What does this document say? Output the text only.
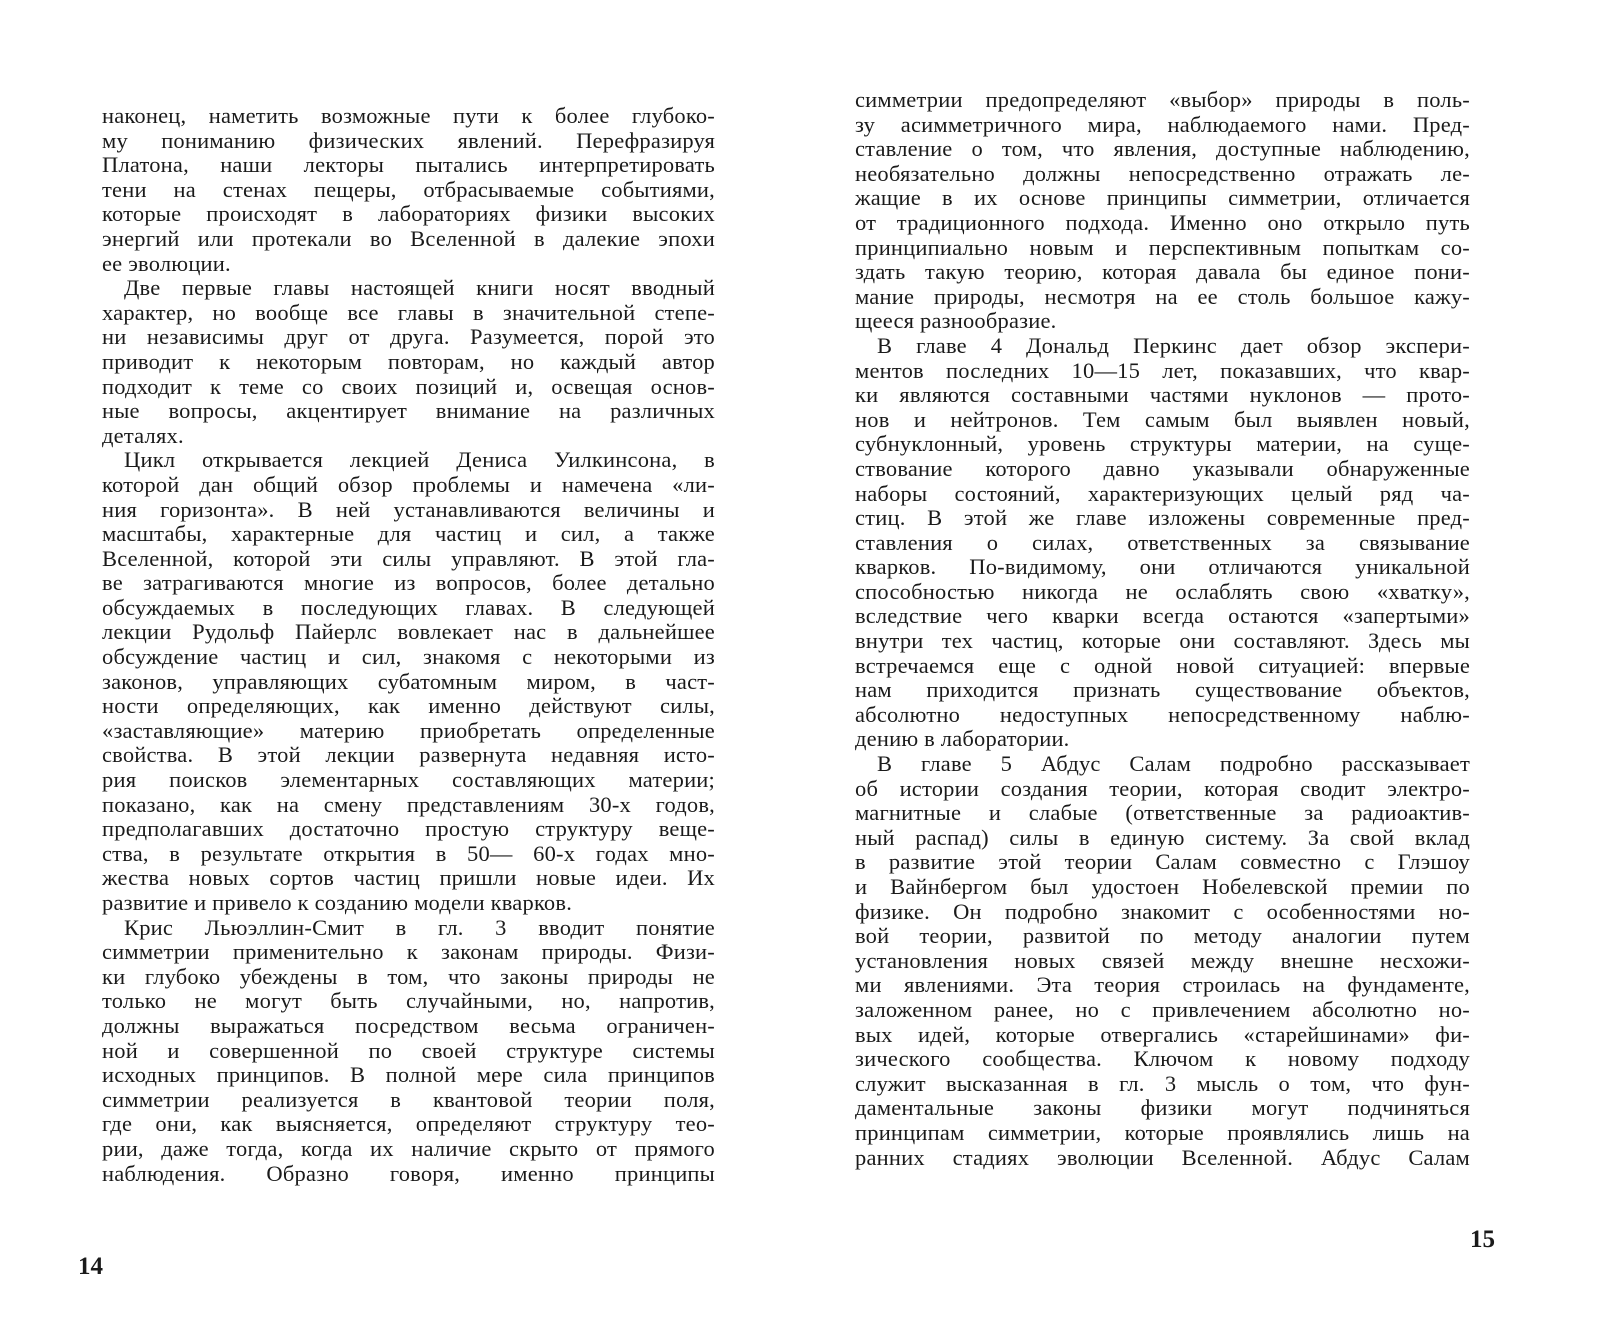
наконец, наметить возможные пути к более глубоко-
му пониманию физических явлений. Перефразируя
Платона, наши лекторы пытались интерпретировать
тени на стенах пещеры, отбрасываемые событиями,
которые происходят в лабораториях физики высоких
энергий или протекали во Вселенной в далекие эпохи
ее эволюции.
Две первые главы настоящей книги носят вводный
характер, но вообще все главы в значительной степе-
ни независимы друг от друга. Разумеется, порой это
приводит к некоторым повторам, но каждый автор
подходит к теме со своих позиций и, освещая основ-
ные вопросы, акцентирует внимание на различных
деталях.
Цикл открывается лекцией Дениса Уилкинсона, в
которой дан общий обзор проблемы и намечена «ли-
ния горизонта». В ней устанавливаются величины и
масштабы, характерные для частиц и сил, а также
Вселенной, которой эти силы управляют. В этой гла-
ве затрагиваются многие из вопросов, более детально
обсуждаемых в последующих главах. В следующей
лекции Рудольф Пайерлс вовлекает нас в дальнейшее
обсуждение частиц и сил, знакомя с некоторыми из
законов, управляющих субатомным миром, в част-
ности определяющих, как именно действуют силы,
«заставляющие» материю приобретать определенные
свойства. В этой лекции развернута недавняя исто-
рия поисков элементарных составляющих материи;
показано, как на смену представлениям 30-х годов,
предполагавших достаточно простую структуру веще-
ства, в результате открытия в 50— 60-х годах мно-
жества новых сортов частиц пришли новые идеи. Их
развитие и привело к созданию модели кварков.
Крис Льюэллин-Смит в гл. 3 вводит понятие
симметрии применительно к законам природы. Физи-
ки глубоко убеждены в том, что законы природы не
только не могут быть случайными, но, напротив,
должны выражаться посредством весьма ограничен-
ной и совершенной по своей структуре системы
исходных принципов. В полной мере сила принципов
симметрии реализуется в квантовой теории поля,
где они, как выясняется, определяют структуру тео-
рии, даже тогда, когда их наличие скрыто от прямого
наблюдения. Образно говоря, именно принципы
14
симметрии предопределяют «выбор» природы в поль-
зу асимметричного мира, наблюдаемого нами. Пред-
ставление о том, что явления, доступные наблюдению,
необязательно должны непосредственно отражать ле-
жащие в их основе принципы симметрии, отличается
от традиционного подхода. Именно оно открыло путь
принципиально новым и перспективным попыткам со-
здать такую теорию, которая давала бы единое пони-
мание природы, несмотря на ее столь большое кажу-
щееся разнообразие.
В главе 4 Дональд Перкинс дает обзор экспери-
ментов последних 10—15 лет, показавших, что квар-
ки являются составными частями нуклонов — прото-
нов и нейтронов. Тем самым был выявлен новый,
субнуклонный, уровень структуры материи, на суще-
ствование которого давно указывали обнаруженные
наборы состояний, характеризующих целый ряд ча-
стиц. В этой же главе изложены современные пред-
ставления о силах, ответственных за связывание
кварков. По-видимому, они отличаются уникальной
способностью никогда не ослаблять свою «хватку»,
вследствие чего кварки всегда остаются «запертыми»
внутри тех частиц, которые они составляют. Здесь мы
встречаемся еще с одной новой ситуацией: впервые
нам приходится признать существование объектов,
абсолютно недоступных непосредственному наблю-
дению в лаборатории.
В главе 5 Абдус Салам подробно рассказывает
об истории создания теории, которая сводит электро-
магнитные и слабые (ответственные за радиоактив-
ный распад) силы в единую систему. За свой вклад
в развитие этой теории Салам совместно с Глэшоу
и Вайнбергом был удостоен Нобелевской премии по
физике. Он подробно знакомит с особенностями но-
вой теории, развитой по методу аналогии путем
установления новых связей между внешне несхожи-
ми явлениями. Эта теория строилась на фундаменте,
заложенном ранее, но с привлечением абсолютно но-
вых идей, которые отвергались «старейшинами» фи-
зического сообщества. Ключом к новому подходу
служит высказанная в гл. 3 мысль о том, что фун-
даментальные законы физики могут подчиняться
принципам симметрии, которые проявлялись лишь на
ранних стадиях эволюции Вселенной. Абдус Салам
15
